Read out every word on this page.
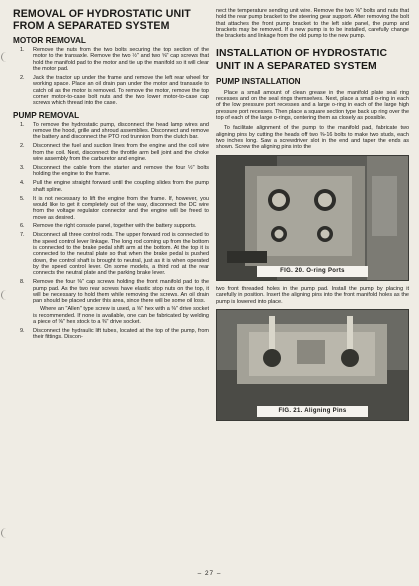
REMOVAL OF HYDROSTATIC UNIT
FROM A SEPARATED SYSTEM
MOTOR REMOVAL
1. Remove the nuts from the two bolts securing the top section of the motor to the transaxle. Remove the two ½" and two ⅝" cap screws that hold the manifold pad to the motor and tie up the manifold so it will clear the motor pad.
2. Jack the tractor up under the frame and remove the left rear wheel for working space. Place an oil drain pan under the motor and transaxle to catch oil as the motor is removed. To remove the motor, remove the top corner motor-to-case bolt nuts and the two lower motor-to-case cap screws which thread into the case.
PUMP REMOVAL
1. To remove the hydrostatic pump, disconnect the head lamp wires and remove the hood, grille and shroud assemblies. Disconnect and remove the battery and disconnect the PTO rod trunnion from the clutch bar.
2. Disconnect the fuel and suction lines from the engine and the coil wire from the coil. Next, disconnect the throttle arm bell joint and the choke wire assembly from the carburetor and engine.
3. Disconnect the cable from the starter and remove the four ½" bolts holding the engine to the frame.
4. Pull the engine straight forward until the coupling slides from the pump shaft spline.
5. It is not necessary to lift the engine from the frame. If, however, you would like to get it completely out of the way, disconnect the DC wire from the voltage regulator connector and the engine will be freed to move as desired.
6. Remove the right console panel, together with the battery supports.
7. Disconnect all three control rods. The upper forward rod is connected to the speed control lever linkage. The long rod coming up from the bottom is connected to the brake pedal shift arm at the bottom. At the top it is connected to the neutral plate so that when the brake pedal is pushed down, the control shaft is brought to neutral, just as it is when operated by the speed control lever. On some models, a third rod at the rear connects the neutral plate and the parking brake lever.
8. Remove the four ⅜" cap screws holding the front manifold pad to the pump pad. As the two rear screws have elastic stop nuts on the top, it will be necessary to hold them while removing the screws. An oil drain pan should be placed under this area, since there will be some oil loss.

Where an "Allen" type screw is used, a ⅝" hex with a ⅜" drive socket is recommended. If none is available, one can be fabricated by welding a piece of ⅝" hex stock to a ⅜" drive socket.

9. Disconnect the hydraulic lift tubes, located at the top of the pump, from their fittings. Discon-

nect the temperature sending unit wire. Remove the two ⅝" bolts and nuts that hold the rear pump bracket to the steering gear support. After removing the bolt that attaches the front pump bracket to the left side panel, the pump and brackets may be removed. If a new pump is to be installed, carefully change the brackets and linkage from the old pump to the new pump.

INSTALLATION OF HYDROSTATIC
UNIT IN A SEPARATED SYSTEM
PUMP INSTALLATION

Place a small amount of clean grease in the manifold plate seal ring recesses and on the seal rings themselves. Next, place a small o-ring in each of the low pressure port recesses and a large o-ring in each of the large high pressure port recesses. Then place a square section type back up ring over the top of each of the large o-rings, centering them as closely as possible.

To facilitate alignment of the pump to the manifold pad, fabricate two aligning pins by cutting the heads off two ⅜-16 bolts to make two studs, each two inches long. Saw a screwdriver slot in the end and taper the ends as shown. Screw the aligning pins into the

FIG. 20. O-ring Ports

two front threaded holes in the pump pad. Install the pump by placing it carefully in position. Insert the aligning pins into the front manifold holes as the pump is lowered into place.

FIG. 21. Aligning Pins
– 27 –
